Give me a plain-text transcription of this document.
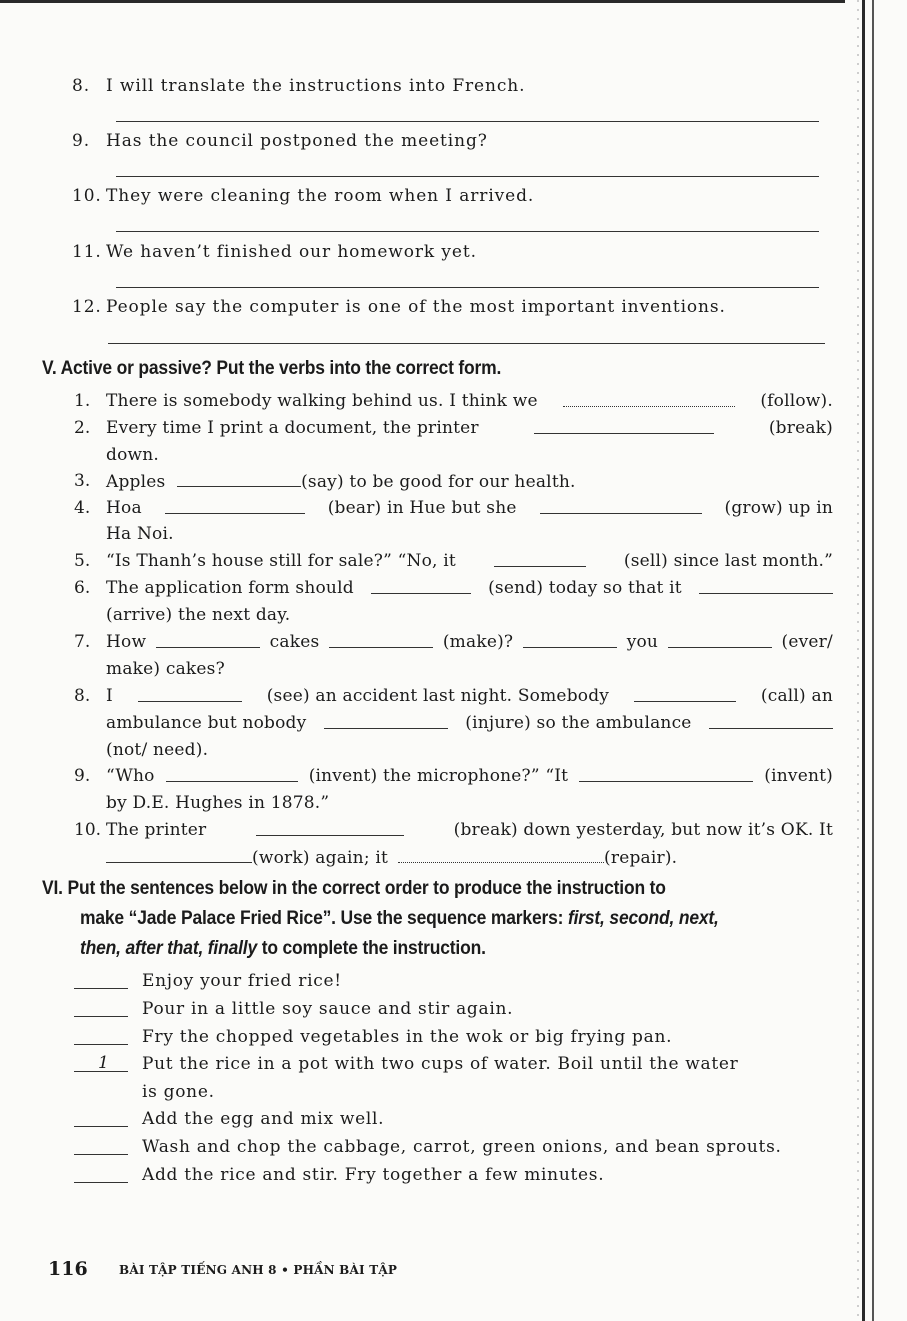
8. I will translate the instructions into French.
9. Has the council postponed the meeting?
10. They were cleaning the room when I arrived.
11. We haven’t finished our homework yet.
12. People say the computer is one of the most important inventions.
V. Active or passive? Put the verbs into the correct form.
1. There is somebody walking behind us. I think we	(follow).
2. Every time I print a document, the printer	(break)
down.
3. Apples	(say) to be good for our health.
4. Hoa	(bear) in Hue but she	(grow) up in
Ha Noi.
5. “Is Thanh’s house still for sale?” “No, it	(sell) since last month.”
6. The application form should	(send) today so that it
(arrive) the next day.
7. How	cakes	(make)?	you	(ever/
make) cakes?
8. I	(see) an accident last night. Somebody	(call) an
ambulance but nobody	(injure) so the ambulance
(not/ need).
9. “Who	(invent) the microphone?” “It	(invent)
by D.E. Hughes in 1878.”
10. The printer	(break) down yesterday, but now it’s OK. It
(work) again; it	(repair).
VI. Put the sentences below in the correct order to produce the instruction to
make “Jade Palace Fried Rice”. Use the sequence markers: first, second, next,
then, after that, finally to complete the instruction.
Enjoy your fried rice!
Pour in a little soy sauce and stir again.
Fry the chopped vegetables in the wok or big frying pan.
1 Put the rice in a pot with two cups of water. Boil until the water
is gone.
Add the egg and mix well.
Wash and chop the cabbage, carrot, green onions, and bean sprouts.
Add the rice and stir. Fry together a few minutes.
116	BÀI TẬP TIẾNG ANH 8 • PHẦN BÀI TẬP
